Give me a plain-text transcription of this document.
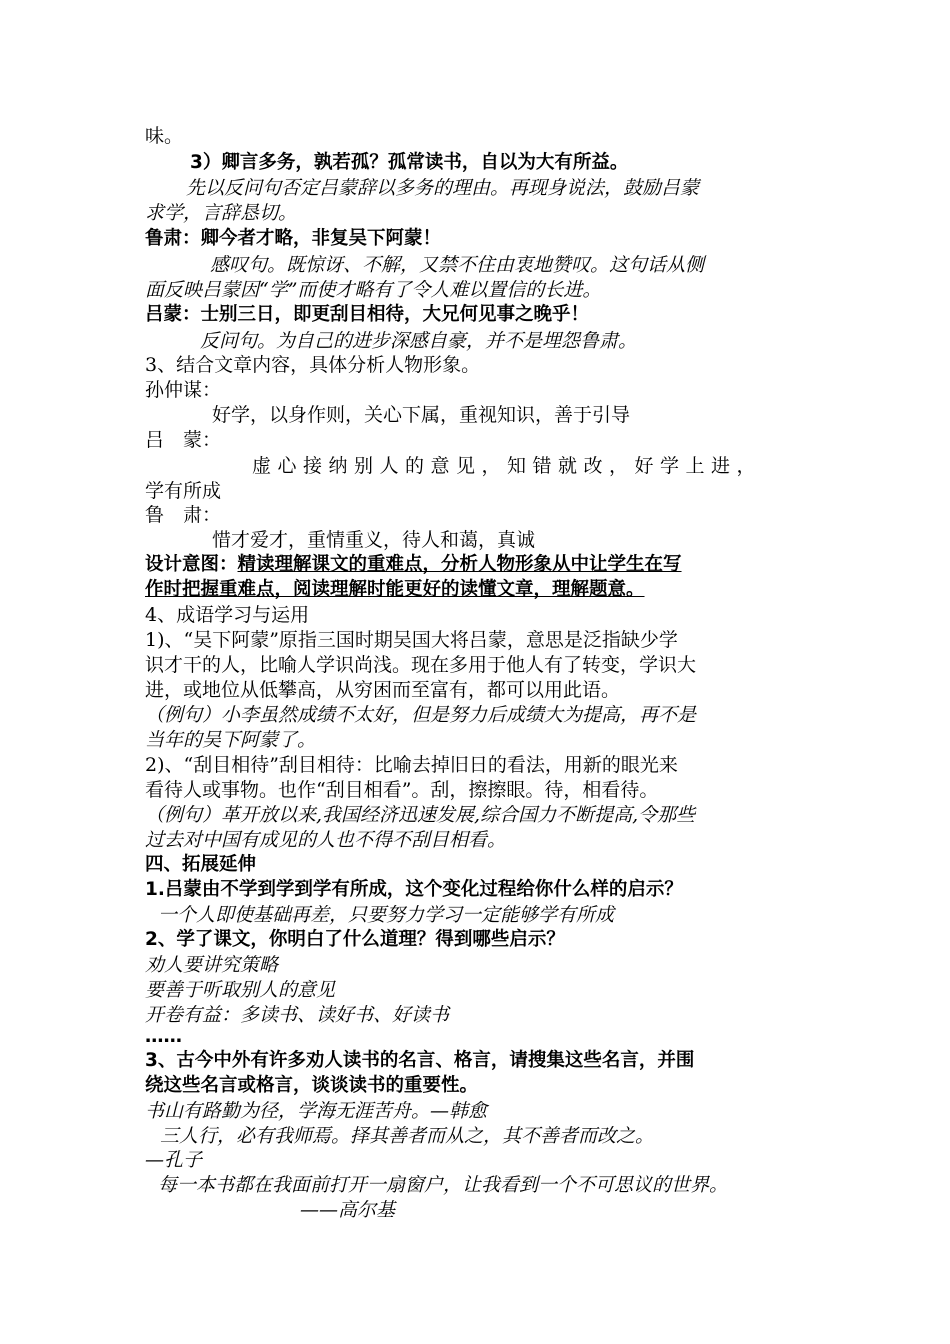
味。
3）卿言多务，孰若孤？孤常读书，自以为大有所益。
先以反问句否定吕蒙辞以多务的理由。再现身说法，鼓励吕蒙
求学，言辞恳切。
鲁肃：卿今者才略，非复吴下阿蒙！
感叹句。既惊讶、不解，又禁不住由衷地赞叹。这句话从侧
面反映吕蒙因“学”而使才略有了令人难以置信的长进。
吕蒙：士别三日，即更刮目相待，大兄何见事之晚乎！
反问句。为自己的进步深感自豪，并不是埋怨鲁肃。
3、结合文章内容，具体分析人物形象。
孙仲谋：
好学，以身作则，关心下属，重视知识，善于引导
吕　蒙：
虚心接纳别人的意见，知错就改，好学上进，
学有所成
鲁　肃：
惜才爱才，重情重义，待人和蔼，真诚
设计意图：精读理解课文的重难点，分析人物形象从中让学生在写
作时把握重难点，阅读理解时能更好的读懂文章，理解题意。
4、成语学习与运用
1)、“吴下阿蒙”原指三国时期吴国大将吕蒙，意思是泛指缺少学
识才干的人，比喻人学识尚浅。现在多用于他人有了转变，学识大
进，或地位从低攀高，从穷困而至富有，都可以用此语。
（例句）小李虽然成绩不太好，但是努力后成绩大为提高，再不是
当年的吴下阿蒙了。
2)、“刮目相待”刮目相待：比喻去掉旧日的看法，用新的眼光来
看待人或事物。也作“刮目相看”。刮，擦擦眼。待，相看待。
（例句）革开放以来,我国经济迅速发展,综合国力不断提高,令那些
过去对中国有成见的人也不得不刮目相看。
四、拓展延伸
1.吕蒙由不学到学到学有所成，这个变化过程给你什么样的启示？
一个人即使基础再差，只要努力学习一定能够学有所成
2、学了课文，你明白了什么道理？得到哪些启示？
劝人要讲究策略
要善于听取别人的意见
开卷有益：多读书、读好书、好读书
……
3、古今中外有许多劝人读书的名言、格言，请搜集这些名言，并围
绕这些名言或格言，谈谈读书的重要性。
书山有路勤为径，学海无涯苦舟。—韩愈
三人行，必有我师焉。择其善者而从之，其不善者而改之。
—孔子
每一本书都在我面前打开一扇窗户，让我看到一个不可思议的世界。
——高尔基
